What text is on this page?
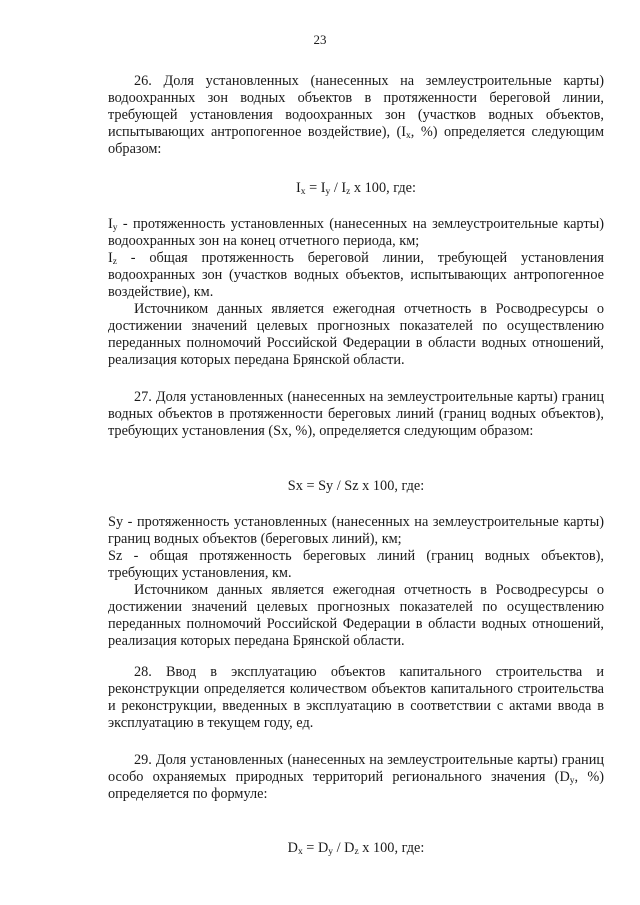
23

26. Доля установленных (нанесенных на землеустроительные карты) водоохранных зон водных объектов в протяженности береговой линии, требующей установления водоохранных зон (участков водных объектов, испытывающих антропогенное воздействие), ($I_x$, %) определяется следующим образом:

$I_x = I_y / I_z$ x 100, где:

$I_y$ - протяженность установленных (нанесенных на землеустроительные карты) водоохранных зон на конец отчетного периода, км;

$I_z$ - общая протяженность береговой линии, требующей установления водоохранных зон (участков водных объектов, испытывающих антропогенное воздействие), км.

Источником данных является ежегодная отчетность в Росводресурсы о достижении значений целевых прогнозных показателей по осуществлению переданных полномочий Российской Федерации в области водных отношений, реализация которых передана Брянской области.

27. Доля установленных (нанесенных на землеустроительные карты) границ водных объектов в протяженности береговых линий (границ водных объектов), требующих установления (Sx, %), определяется следующим образом:

Sx = Sy / Sz x 100, где:

Sy - протяженность установленных (нанесенных на землеустроительные карты) границ водных объектов (береговых линий), км;

Sz - общая протяженность береговых линий (границ водных объектов), требующих установления, км.

Источником данных является ежегодная отчетность в Росводресурсы о достижении значений целевых прогнозных показателей по осуществлению переданных полномочий Российской Федерации в области водных отношений, реализация которых передана Брянской области.

28. Ввод в эксплуатацию объектов капитального строительства и реконструкции определяется количеством объектов капитального строительства и реконструкции, введенных в эксплуатацию в соответствии с актами ввода в эксплуатацию в текущем году, ед.

29. Доля установленных (нанесенных на землеустроительные карты) границ особо охраняемых природных территорий регионального значения ($D_y$, %) определяется по формуле:

$D_x = D_y / D_z$ x 100, где:
